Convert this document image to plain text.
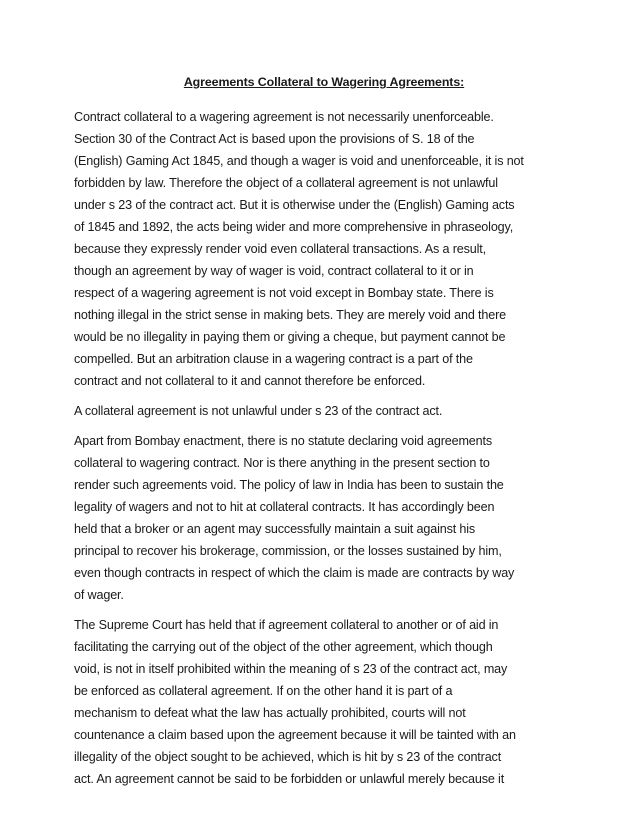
Agreements Collateral to Wagering Agreements:
Contract collateral to a wagering agreement is not necessarily unenforceable.
Section 30 of the Contract Act is based upon the provisions of S. 18 of the
(English) Gaming Act 1845, and though a wager is void and unenforceable, it is not
forbidden by law. Therefore the object of a collateral agreement is not unlawful
under s 23 of the contract act. But it is otherwise under the (English) Gaming acts
of 1845 and 1892, the acts being wider and more comprehensive in phraseology,
because they expressly render void even collateral transactions. As a result,
though an agreement by way of wager is void, contract collateral to it or in
respect of a wagering agreement is not void except in Bombay state. There is
nothing illegal in the strict sense in making bets. They are merely void and there
would be no illegality in paying them or giving a cheque, but payment cannot be
compelled. But an arbitration clause in a wagering contract is a part of the
contract and not collateral to it and cannot therefore be enforced.
A collateral agreement is not unlawful under s 23 of the contract act.
Apart from Bombay enactment, there is no statute declaring void agreements
collateral to wagering contract. Nor is there anything in the present section to
render such agreements void. The policy of law in India has been to sustain the
legality of wagers and not to hit at collateral contracts. It has accordingly been
held that a broker or an agent may successfully maintain a suit against his
principal to recover his brokerage, commission, or the losses sustained by him,
even though contracts in respect of which the claim is made are contracts by way
of wager.
The Supreme Court has held that if agreement collateral to another or of aid in
facilitating the carrying out of the object of the other agreement, which though
void, is not in itself prohibited within the meaning of s 23 of the contract act, may
be enforced as collateral agreement. If on the other hand it is part of a
mechanism to defeat what the law has actually prohibited, courts will not
countenance a claim based upon the agreement because it will be tainted with an
illegality of the object sought to be achieved, which is hit by s 23 of the contract
act. An agreement cannot be said to be forbidden or unlawful merely because it
